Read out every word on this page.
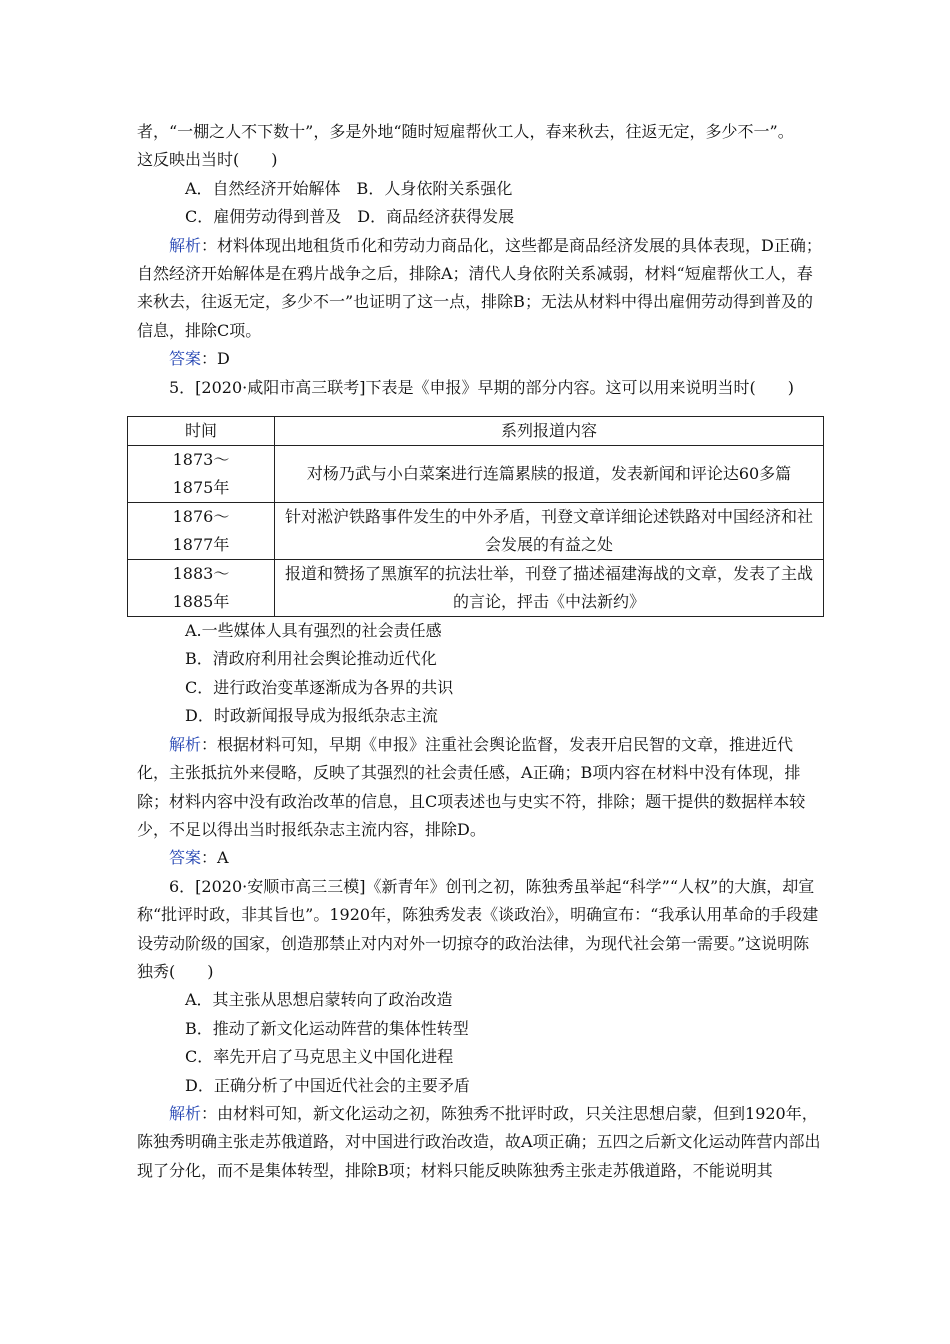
者，“一棚之人不下数十”，多是外地“随时短雇帮伙工人，春来秋去，往返无定，多少不一”。

这反映出当时(　　)

A．自然经济开始解体　B．人身依附关系强化

C．雇佣劳动得到普及　D．商品经济获得发展

解析：材料体现出地租货币化和劳动力商品化，这些都是商品经济发展的具体表现，D正确；自然经济开始解体是在鸦片战争之后，排除A；清代人身依附关系减弱，材料“短雇帮伙工人，春来秋去，往返无定，多少不一”也证明了这一点，排除B；无法从材料中得出雇佣劳动得到普及的信息，排除C项。

答案：D

5．[2020·咸阳市高三联考]下表是《申报》早期的部分内容。这可以用来说明当时(　　)

时间	系列报道内容
1873～
1875年	对杨乃武与小白菜案进行连篇累牍的报道，发表新闻和评论达60多篇
1876～
1877年	针对淞沪铁路事件发生的中外矛盾，刊登文章详细论述铁路对中国经济和社会发展的有益之处
1883～
1885年	报道和赞扬了黑旗军的抗法壮举，刊登了描述福建海战的文章，发表了主战的言论，抨击《中法新约》

A.一些媒体人具有强烈的社会责任感

B．清政府利用社会舆论推动近代化

C．进行政治变革逐渐成为各界的共识

D．时政新闻报导成为报纸杂志主流

解析：根据材料可知，早期《申报》注重社会舆论监督，发表开启民智的文章，推进近代化，主张抵抗外来侵略，反映了其强烈的社会责任感，A正确；B项内容在材料中没有体现，排除；材料内容中没有政治改革的信息，且C项表述也与史实不符，排除；题干提供的数据样本较少，不足以得出当时报纸杂志主流内容，排除D。

答案：A

6．[2020·安顺市高三三模]《新青年》创刊之初，陈独秀虽举起“科学”“人权”的大旗，却宣称“批评时政，非其旨也”。1920年，陈独秀发表《谈政治》，明确宣布：“我承认用革命的手段建设劳动阶级的国家，创造那禁止对内对外一切掠夺的政治法律，为现代社会第一需要。”这说明陈独秀(　　)

A．其主张从思想启蒙转向了政治改造

B．推动了新文化运动阵营的集体性转型

C．率先开启了马克思主义中国化进程

D．正确分析了中国近代社会的主要矛盾

解析：由材料可知，新文化运动之初，陈独秀不批评时政，只关注思想启蒙，但到1920年，陈独秀明确主张走苏俄道路，对中国进行政治改造，故A项正确；五四之后新文化运动阵营内部出现了分化，而不是集体转型，排除B项；材料只能反映陈独秀主张走苏俄道路，不能说明其
